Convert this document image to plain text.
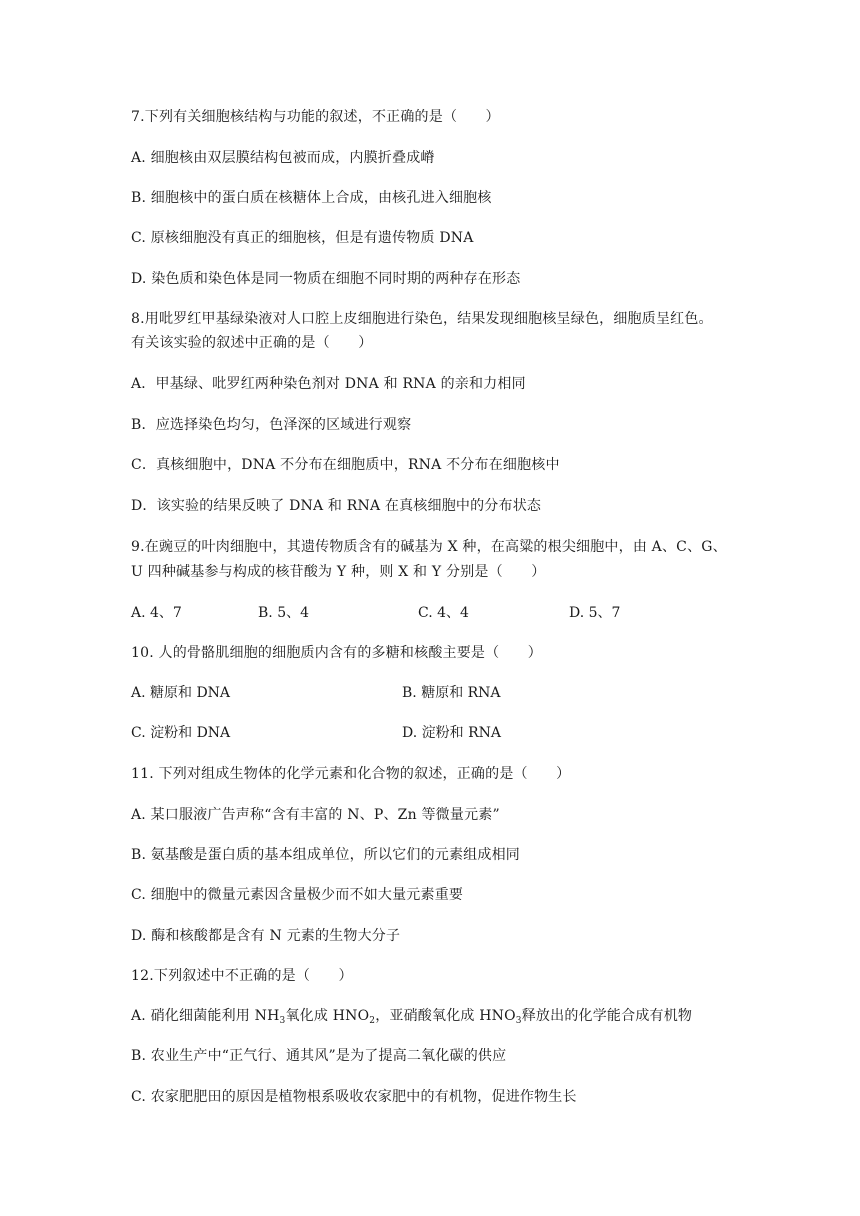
7.下列有关细胞核结构与功能的叙述，不正确的是（　　）
A. 细胞核由双层膜结构包被而成，内膜折叠成嵴
B. 细胞核中的蛋白质在核糖体上合成，由核孔进入细胞核
C. 原核细胞没有真正的细胞核，但是有遗传物质 DNA
D. 染色质和染色体是同一物质在细胞不同时期的两种存在形态
8.用吡罗红甲基绿染液对人口腔上皮细胞进行染色，结果发现细胞核呈绿色，细胞质呈红色。
有关该实验的叙述中正确的是（　　）
A．甲基绿、吡罗红两种染色剂对 DNA 和 RNA 的亲和力相同
B．应选择染色均匀，色泽深的区域进行观察
C．真核细胞中，DNA 不分布在细胞质中，RNA 不分布在细胞核中
D．该实验的结果反映了 DNA 和 RNA 在真核细胞中的分布状态
9.在豌豆的叶肉细胞中，其遗传物质含有的碱基为 X 种，在高粱的根尖细胞中，由 A、C、G、
U 四种碱基参与构成的核苷酸为 Y 种，则 X 和 Y 分别是（　　）
A. 4、7	B. 5、4	C. 4、4	D. 5、7
10. 人的骨骼肌细胞的细胞质内含有的多糖和核酸主要是（　　）
A. 糖原和 DNA	B. 糖原和 RNA
C. 淀粉和 DNA	D. 淀粉和 RNA
11. 下列对组成生物体的化学元素和化合物的叙述，正确的是（　　）
A. 某口服液广告声称“含有丰富的 N、P、Zn 等微量元素”
B. 氨基酸是蛋白质的基本组成单位，所以它们的元素组成相同
C. 细胞中的微量元素因含量极少而不如大量元素重要
D. 酶和核酸都是含有 N 元素的生物大分子
12.下列叙述中不正确的是（　　）
A. 硝化细菌能利用 $NH_3$氧化成 $HNO_2$，亚硝酸氧化成 $HNO_3$释放出的化学能合成有机物
B. 农业生产中“正气行、通其风”是为了提高二氧化碳的供应
C. 农家肥肥田的原因是植物根系吸收农家肥中的有机物，促进作物生长
